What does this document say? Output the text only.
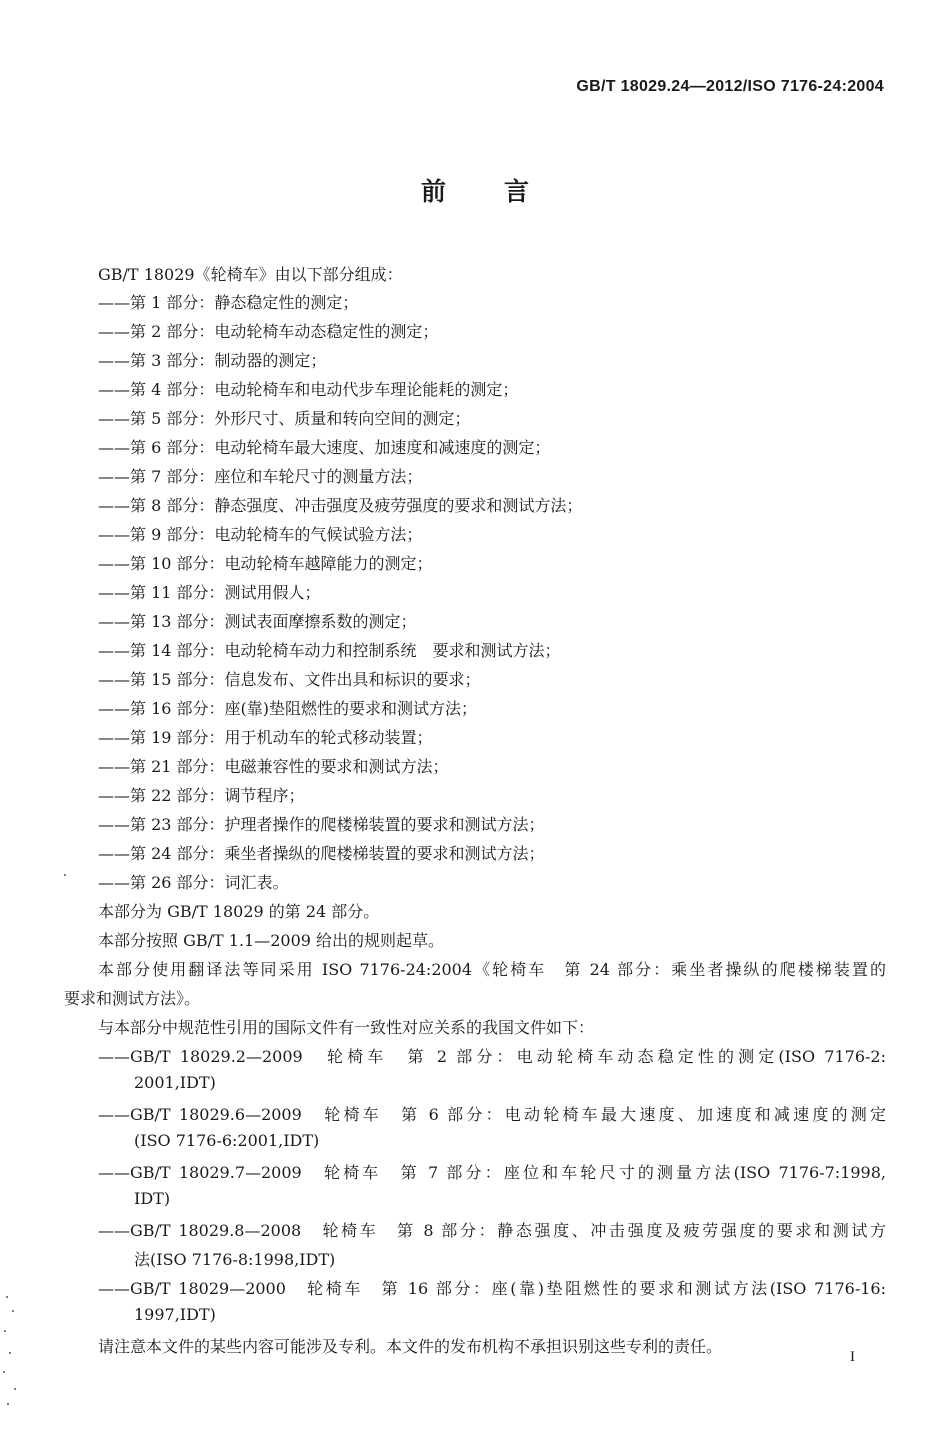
GB/T 18029.24—2012/ISO 7176-24:2004
前言
GB/T 18029《轮椅车》由以下部分组成：
——第 1 部分：静态稳定性的测定；
——第 2 部分：电动轮椅车动态稳定性的测定；
——第 3 部分：制动器的测定；
——第 4 部分：电动轮椅车和电动代步车理论能耗的测定；
——第 5 部分：外形尺寸、质量和转向空间的测定；
——第 6 部分：电动轮椅车最大速度、加速度和减速度的测定；
——第 7 部分：座位和车轮尺寸的测量方法；
——第 8 部分：静态强度、冲击强度及疲劳强度的要求和测试方法；
——第 9 部分：电动轮椅车的气候试验方法；
——第 10 部分：电动轮椅车越障能力的测定；
——第 11 部分：测试用假人；
——第 13 部分：测试表面摩擦系数的测定；
——第 14 部分：电动轮椅车动力和控制系统　要求和测试方法；
——第 15 部分：信息发布、文件出具和标识的要求；
——第 16 部分：座(靠)垫阻燃性的要求和测试方法；
——第 19 部分：用于机动车的轮式移动装置；
——第 21 部分：电磁兼容性的要求和测试方法；
——第 22 部分：调节程序；
——第 23 部分：护理者操作的爬楼梯装置的要求和测试方法；
——第 24 部分：乘坐者操纵的爬楼梯装置的要求和测试方法；
——第 26 部分：词汇表。
本部分为 GB/T 18029 的第 24 部分。
本部分按照 GB/T 1.1—2009 给出的规则起草。
本部分使用翻译法等同采用 ISO 7176-24:2004《轮椅车　第 24 部分：乘坐者操纵的爬楼梯装置的
要求和测试方法》。
与本部分中规范性引用的国际文件有一致性对应关系的我国文件如下：
——GB/T 18029.2—2009　轮椅车　第 2 部分：电动轮椅车动态稳定性的测定(ISO 7176-2:
2001,IDT)
——GB/T 18029.6—2009　轮椅车　第 6 部分：电动轮椅车最大速度、加速度和减速度的测定
(ISO 7176-6:2001,IDT)
——GB/T 18029.7—2009　轮椅车　第 7 部分：座位和车轮尺寸的测量方法(ISO 7176-7:1998,
IDT)
——GB/T 18029.8—2008　轮椅车　第 8 部分：静态强度、冲击强度及疲劳强度的要求和测试方
法(ISO 7176-8:1998,IDT)
——GB/T 18029—2000　轮椅车　第 16 部分：座(靠)垫阻燃性的要求和测试方法(ISO 7176-16:
1997,IDT)
请注意本文件的某些内容可能涉及专利。本文件的发布机构不承担识别这些专利的责任。
I
